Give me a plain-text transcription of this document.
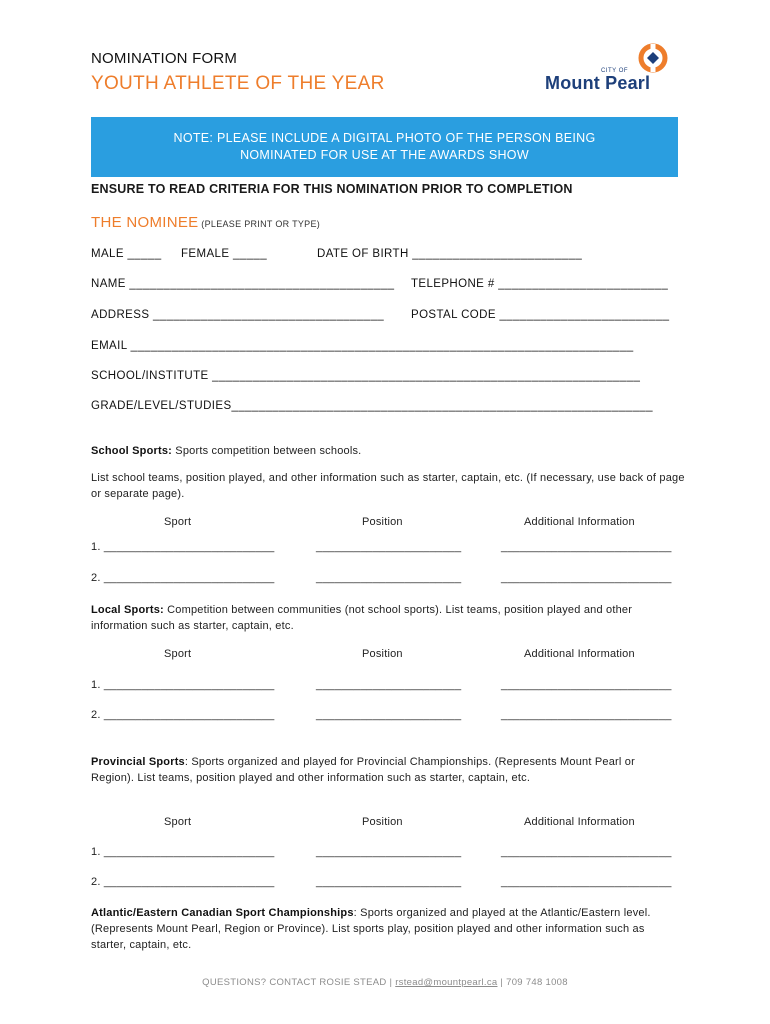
NOMINATION FORM
YOUTH ATHLETE OF THE YEAR
CITY OF
Mount Pearl
NOTE: PLEASE INCLUDE A DIGITAL PHOTO OF THE PERSON BEING
NOMINATED FOR USE AT THE AWARDS SHOW
ENSURE TO READ CRITERIA FOR THIS NOMINATION PRIOR TO COMPLETION
THE NOMINEE (PLEASE PRINT OR TYPE)
MALE _____ FEMALE _____	DATE OF BIRTH _________________________
NAME _______________________________________ TELEPHONE # _________________________
ADDRESS __________________________________ POSTAL CODE _________________________
EMAIL __________________________________________________________________________
SCHOOL/INSTITUTE _______________________________________________________________
GRADE/LEVEL/STUDIES______________________________________________________________
School Sports: Sports competition between schools.
List school teams, position played, and other information such as starter, captain, etc. (If necessary, use back of page or separate page).
Sport	Position	Additional Information
1. ___________________________	_______________________	___________________________
2. ___________________________	_______________________	___________________________
Local Sports: Competition between communities (not school sports). List teams, position played and other information such as starter, captain, etc.
Sport	Position	Additional Information
1. ___________________________	_______________________	___________________________
2. ___________________________	_______________________	___________________________
Provincial Sports: Sports organized and played for Provincial Championships. (Represents Mount Pearl or Region). List teams, position played and other information such as starter, captain, etc.
Sport	Position	Additional Information
1. ___________________________	_______________________	___________________________
2. ___________________________	_______________________	___________________________
Atlantic/Eastern Canadian Sport Championships: Sports organized and played at the Atlantic/Eastern level. (Represents Mount Pearl, Region or Province). List sports play, position played and other information such as starter, captain, etc.
QUESTIONS? CONTACT ROSIE STEAD | rstead@mountpearl.ca | 709 748 1008
